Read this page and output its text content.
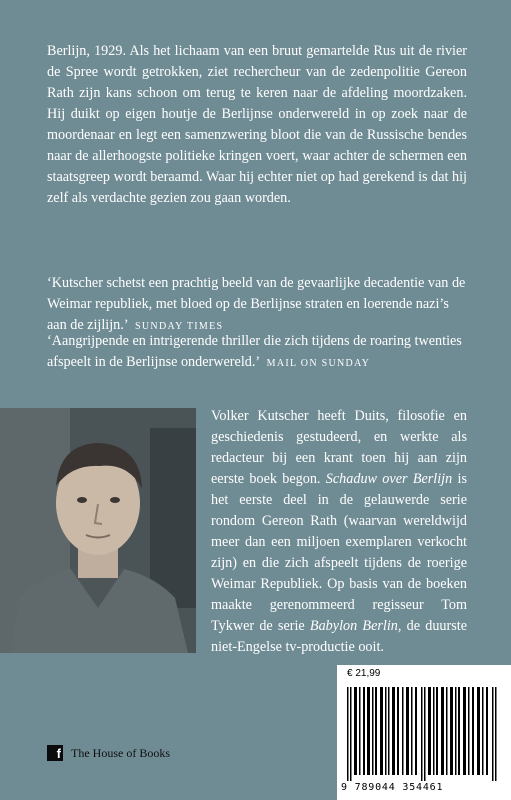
Berlijn, 1929. Als het lichaam van een bruut gemartelde Rus uit de rivier de Spree wordt getrokken, ziet rechercheur van de zedenpolitie Gereon Rath zijn kans schoon om terug te keren naar de afdeling moordzaken. Hij duikt op eigen houtje de Berlijnse onderwereld in op zoek naar de moordenaar en legt een samenzwering bloot die van de Russische bendes naar de allerhoogste politieke kringen voert, waar achter de schermen een staatsgreep wordt beraamd. Waar hij echter niet op had gerekend is dat hij zelf als verdachte gezien zou gaan worden.
‘Kutscher schetst een prachtig beeld van de gevaarlijke decadentie van de Weimar republiek, met bloed op de Berlijnse straten en loerende nazi’s aan de zijlijn.’ SUNDAY TIMES
‘Aangrijpende en intrigerende thriller die zich tijdens de roaring twenties afspeelt in de Berlijnse onderwereld.’ MAIL ON SUNDAY
Volker Kutscher heeft Duits, filosofie en geschiedenis gestudeerd, en werkte als redacteur bij een krant toen hij aan zijn eerste boek begon. Schaduw over Berlijn is het eerste deel in de gelauwerde serie rondom Gereon Rath (waarvan wereldwijd meer dan een miljoen exemplaren verkocht zijn) en die zich afspeelt tijdens de roerige Weimar Republiek. Op basis van de boeken maakte gerenommeerd regisseur Tom Tykwer de serie Babylon Berlin, de duurste niet-Engelse tv-productie ooit.
€ 21,99
9 789044 354461
f The House of Books
